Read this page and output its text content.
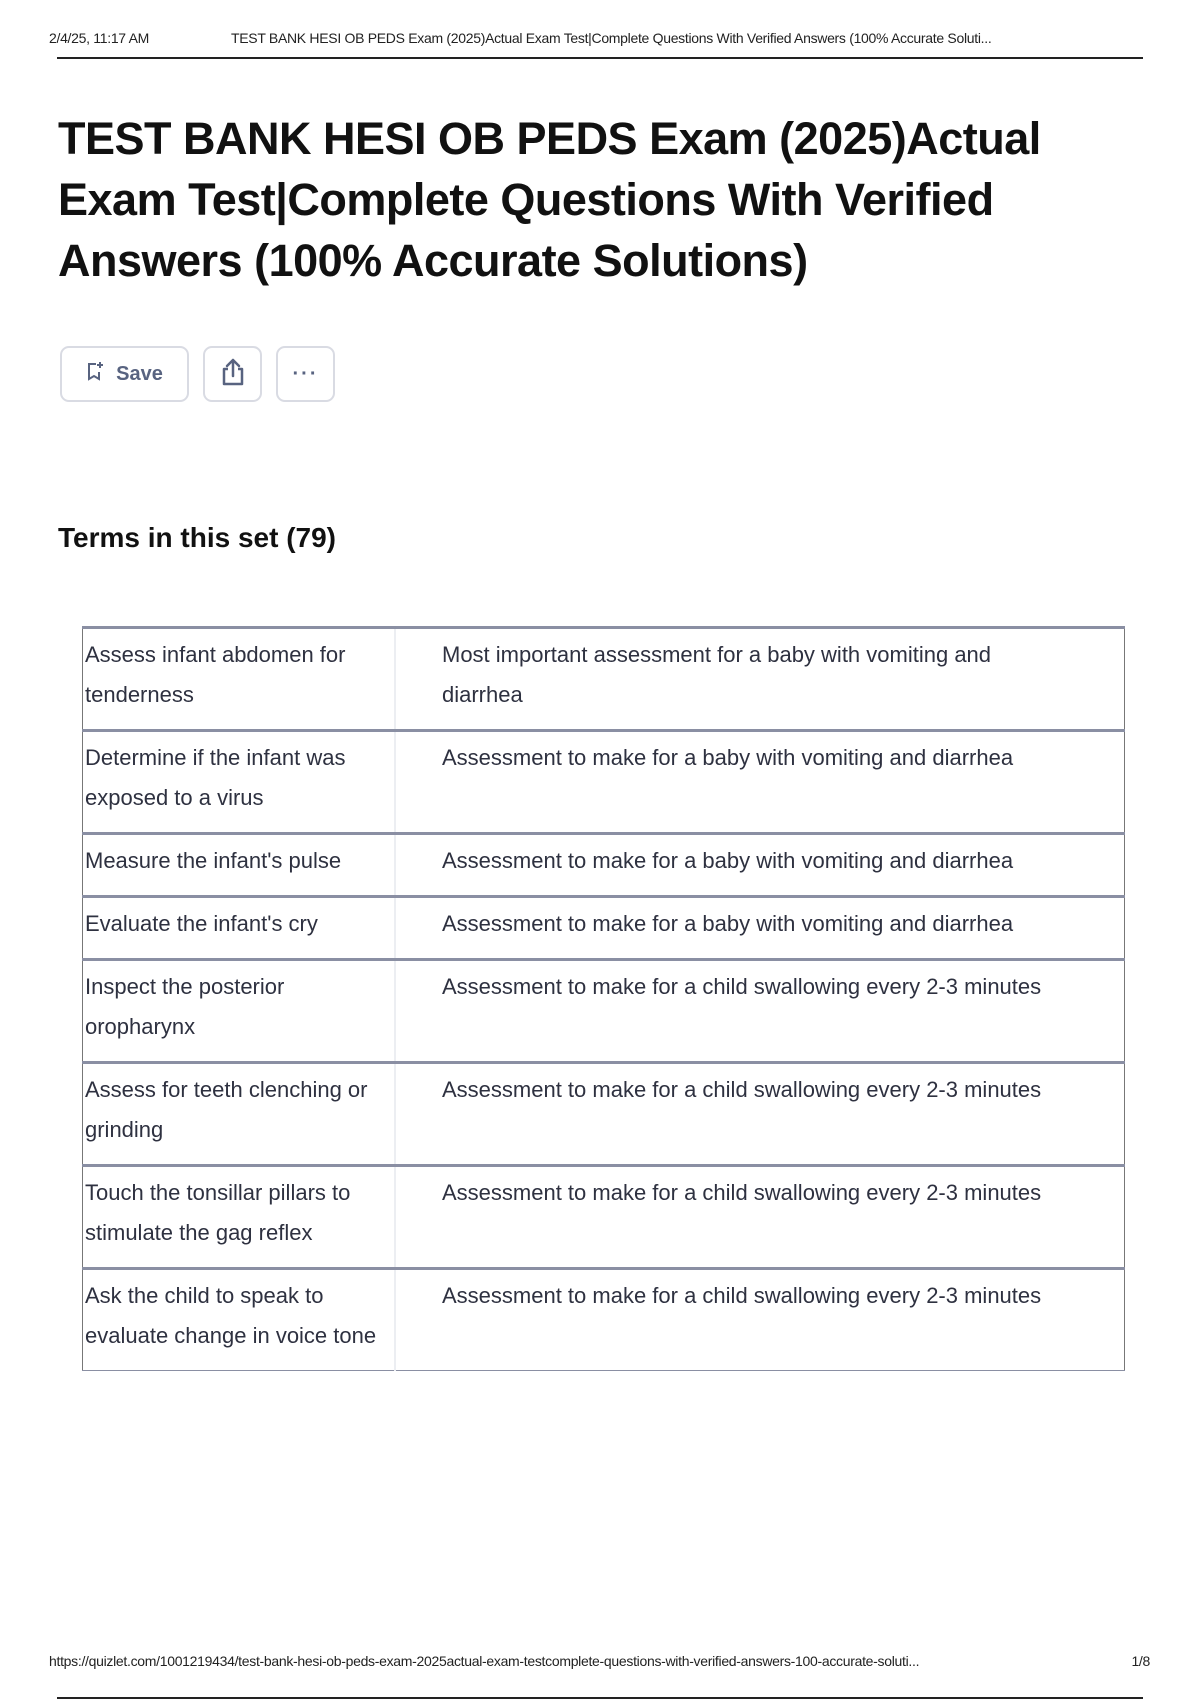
2/4/25, 11:17 AM	TEST BANK HESI OB PEDS Exam (2025)Actual Exam Test|Complete Questions With Verified Answers (100% Accurate Soluti...
TEST BANK HESI OB PEDS Exam (2025)Actual Exam Test|Complete Questions With Verified Answers (100% Accurate Solutions)
Save	···
Terms in this set (79)
Assess infant abdomen for tenderness	Most important assessment for a baby with vomiting and diarrhea
Determine if the infant was exposed to a virus	Assessment to make for a baby with vomiting and diarrhea
Measure the infant's pulse	Assessment to make for a baby with vomiting and diarrhea
Evaluate the infant's cry	Assessment to make for a baby with vomiting and diarrhea
Inspect the posterior oropharynx	Assessment to make for a child swallowing every 2-3 minutes
Assess for teeth clenching or grinding	Assessment to make for a child swallowing every 2-3 minutes
Touch the tonsillar pillars to stimulate the gag reflex	Assessment to make for a child swallowing every 2-3 minutes
Ask the child to speak to evaluate change in voice tone	Assessment to make for a child swallowing every 2-3 minutes
https://quizlet.com/1001219434/test-bank-hesi-ob-peds-exam-2025actual-exam-testcomplete-questions-with-verified-answers-100-accurate-soluti...	1/8
